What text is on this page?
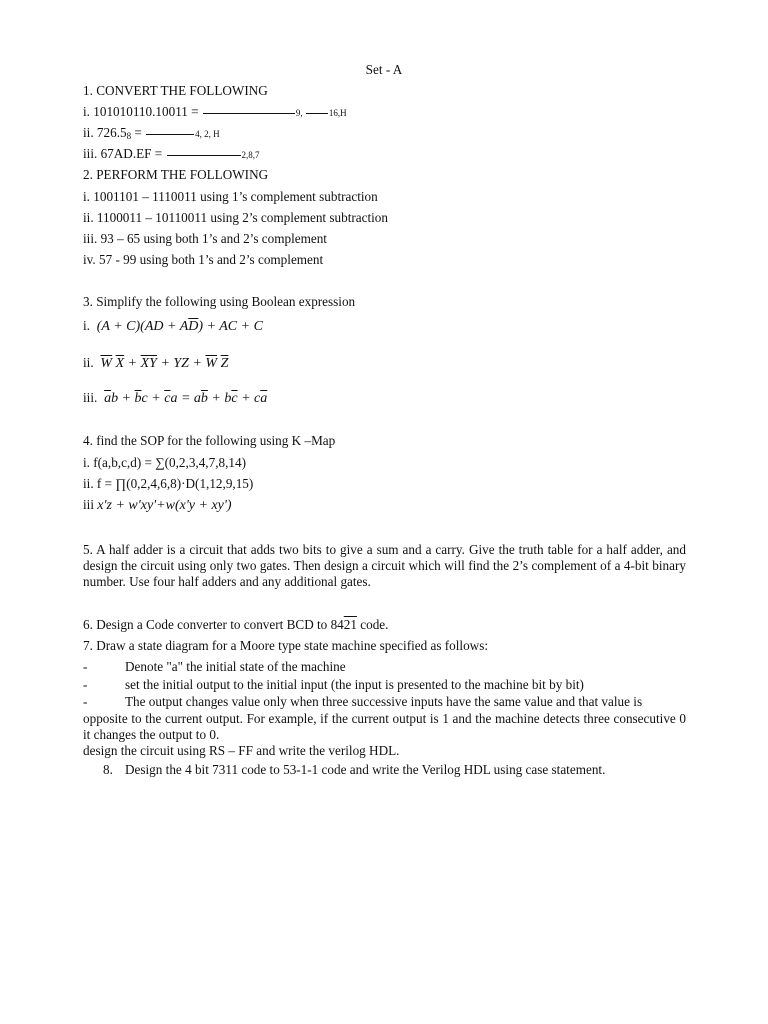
Set - A
1. CONVERT THE FOLLOWING
i. 101010110.10011 =	9,	16,H
ii. $726.5_8$ =	4, 2, H
iii. 67AD.EF =	2,8,7
2. PERFORM THE FOLLOWING
i. 1001101 – 1110011 using 1’s complement subtraction
ii. 1100011 – 10110011 using 2’s complement subtraction
iii. 93 – 65 using both 1’s and 2’s complement
iv. 57 - 99 using both 1’s and 2’s complement
3. Simplify the following using Boolean expression
i.  $(A + C)(AD + A\overline{D})$ + AC + C
ii. $\overline{W}$ $\overline{X} + \overline{XY}$ + YZ + $\overline{W}$ $\overline{Z}$
iii. $\overline{a}b + \overline{b}c + \overline{c}a = a\overline{b} + b\overline{c} + c\overline{a}$
4. find the SOP for the following using K –Map
i. f(a,b,c,d) = ∑(0,2,3,4,7,8,14)
ii. f = ∏(0,2,4,6,8)·D(1,12,9,15)
iii x'z + w'xy'+w(x'y + xy')
5. A half adder is a circuit that adds two bits to give a sum and a carry. Give the truth table for a half adder, and design the circuit using only two gates. Then design a circuit which will find the 2’s complement of a 4-bit binary number. Use four half adders and any additional gates.
6. Design a Code converter to convert BCD to 8421 code.
7. Draw a state diagram for a Moore type state machine specified as follows:
-	Denote "a" the initial state of the machine
-	set the initial output to the initial input (the input is presented to the machine bit by bit)
-	The output changes value only when three successive inputs have the same value and that value is
opposite to the current output. For example, if the current output is 1 and the machine detects three consecutive 0 it changes the output to 0.
design the circuit using RS – FF and write the verilog HDL.
8. Design the 4 bit 7311 code to 53-1-1 code and write the Verilog HDL using case statement.
